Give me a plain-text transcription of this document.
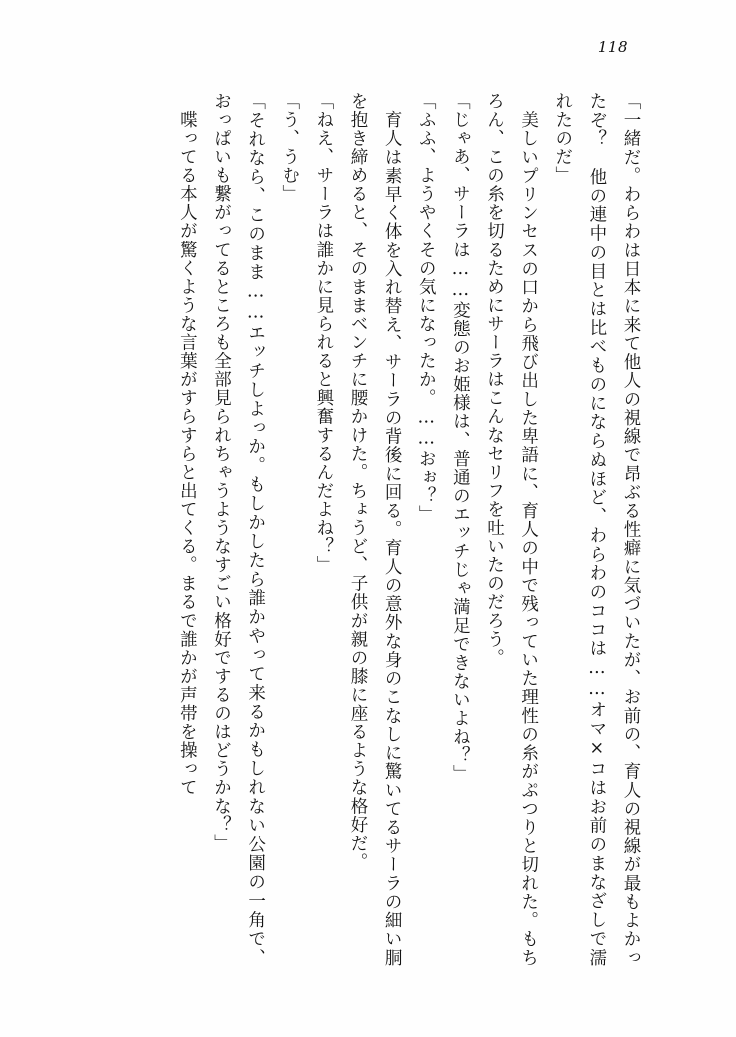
118

「一緒だ。わらわは日本に来て他人の視線で昂ぶる性癖に気づいたが、お前の、育人の視線が最もよかったぞ？　他の連中の目とは比べものにならぬほど、わらわのココは……オマ×コはお前のまなざしで濡れたのだ」

　美しいプリンセスの口から飛び出した卑語に、育人の中で残っていた理性の糸がぷつりと切れた。もちろん、この糸を切るためにサーラはこんなセリフを吐いたのだろう。

「じゃあ、サーラは……変態のお姫様は、普通のエッチじゃ満足できないよね？」

「ふふ、ようやくその気になったか。……おぉ？」

　育人は素早く体を入れ替え、サーラの背後に回る。育人の意外な身のこなしに驚いてるサーラの細い胴を抱き締めると、そのままベンチに腰かけた。ちょうど、子供が親の膝に座るような格好だ。

「ねえ、サーラは誰かに見られると興奮するんだよね？」

「う、うむ」

「それなら、このまま……エッチしよっか。もしかしたら誰かやって来るかもしれない公園の一角で、おっぱいも繋がってるところも全部見られちゃうようなすごい格好でするのはどうかな？」

　喋ってる本人が驚くような言葉がすらすらと出てくる。まるで誰かが声帯を操って
